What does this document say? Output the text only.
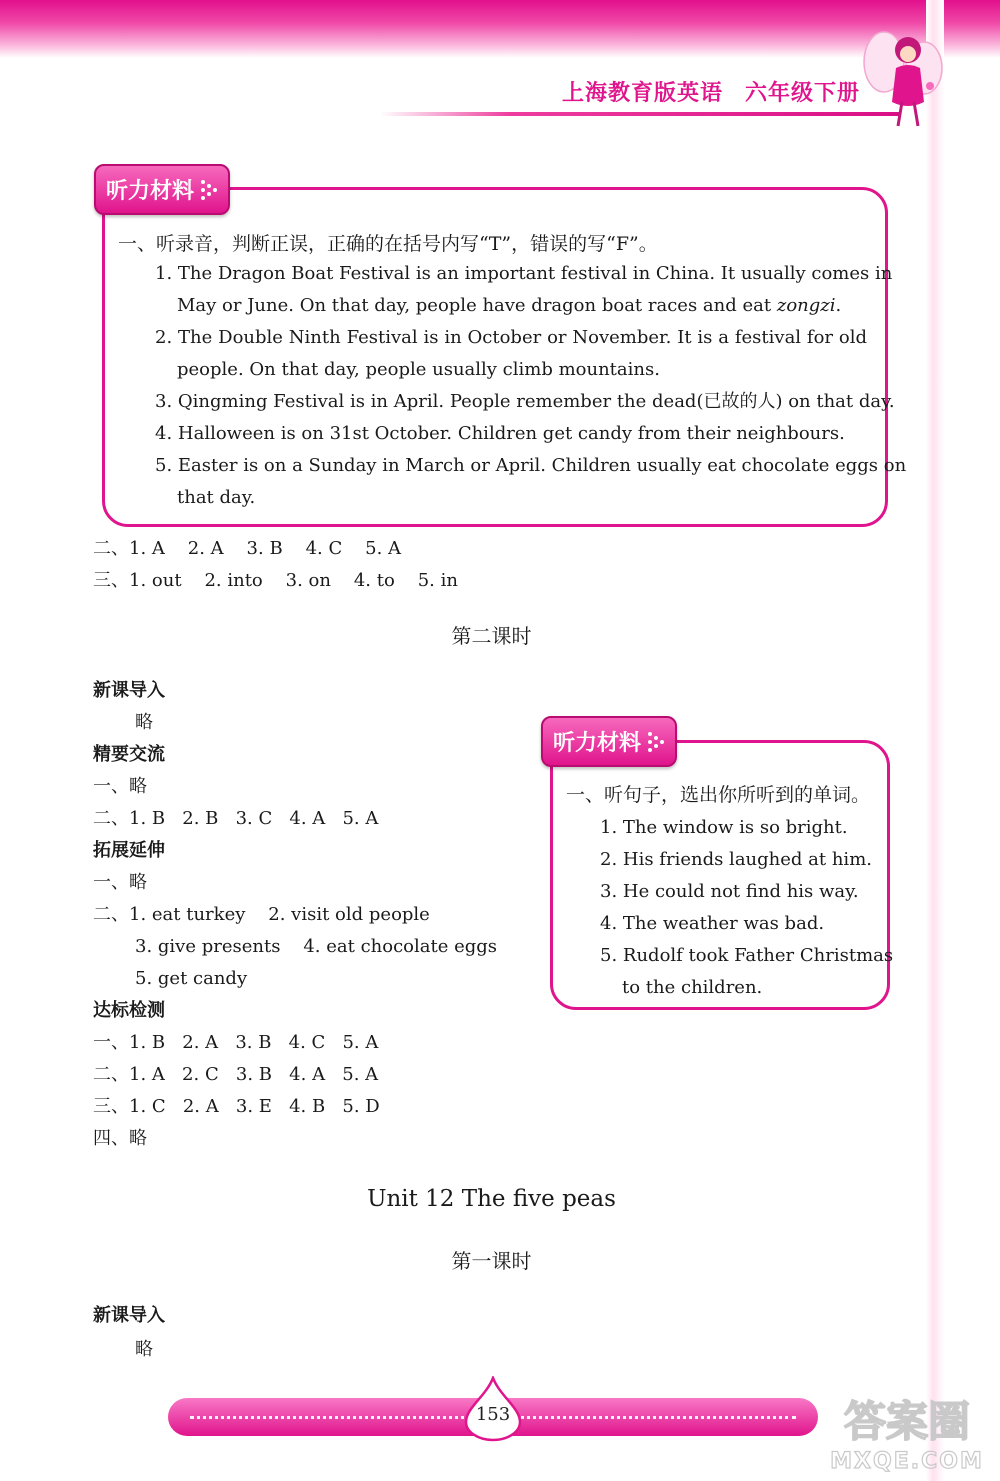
上海教育版英语 六年级下册
听力材料
一、听录音，判断正误，正确的在括号内写“T”，错误的写“F”。
1. The Dragon Boat Festival is an important festival in China. It usually comes in
May or June. On that day, people have dragon boat races and eat zongzi.
2. The Double Ninth Festival is in October or November. It is a festival for old
people. On that day, people usually climb mountains.
3. Qingming Festival is in April. People remember the dead(已故的人) on that day.
4. Halloween is on 31st October. Children get candy from their neighbours.
5. Easter is on a Sunday in March or April. Children usually eat chocolate eggs on
that day.
二、1. A    2. A    3. B    4. C    5. A
三、1. out    2. into    3. on    4. to    5. in
第二课时
新课导入
略
精要交流
一、略
二、1. B   2. B   3. C   4. A   5. A
拓展延伸
一、略
二、1. eat turkey    2. visit old people
3. give presents    4. eat chocolate eggs
5. get candy
达标检测
一、1. B   2. A   3. B   4. C   5. A
二、1. A   2. C   3. B   4. A   5. A
三、1. C   2. A   3. E   4. B   5. D
四、略
听力材料
一、听句子，选出你所听到的单词。
1. The window is so bright.
2. His friends laughed at him.
3. He could not find his way.
4. The weather was bad.
5. Rudolf took Father Christmas
to the children.
Unit 12 The five peas
第一课时
新课导入
略
153	答案圈
MXQE.COM
